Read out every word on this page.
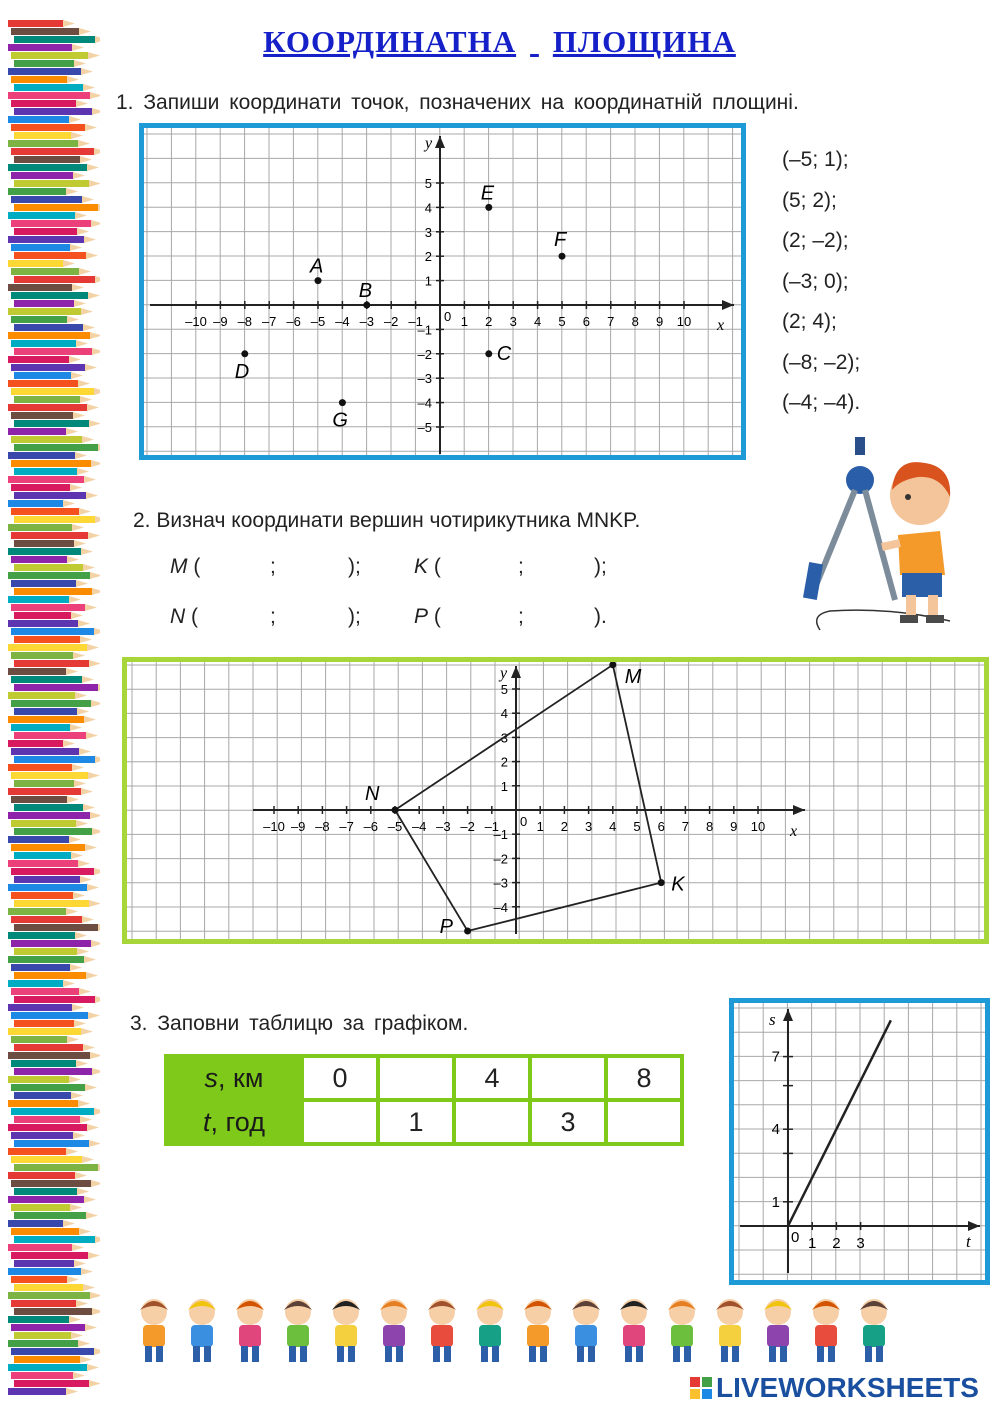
КООРДИНАТНА ПЛОЩИНА
1. Запиши координати точок, позначених на координатній площині.
–10 –9 –8 –7 –6 –5 –4 –3 –2 –1	1 2 3 4 5 6 7 8 9 10
1
–1
2
–2
3
–3
4
–4
5
–5
0
x
y
A
B
C
D
E
F
G
(–5; 1);
(5; 2);
(2; –2);
(–3; 0);
(2; 4);
(–8; –2);
(–4; –4).
2. Визнач координати вершин чотирикутника MNKP.
M (	;	);	K (	;	);
N (	;	);	P (	;	).
–10 –9 –8 –7 –6 –5 –4 –3 –2 –1	1 2 3 4 5 6 7 8 9 10
–4
–3
–2
–1
1
2
3
4
5
0
x
y	M
N
K
P
3. Заповни таблицю за графіком.
s, км	0		4		8
t, год		1		3	
1 2 3
1
4
7
0	t
s
LIVEWORKSHEETS
